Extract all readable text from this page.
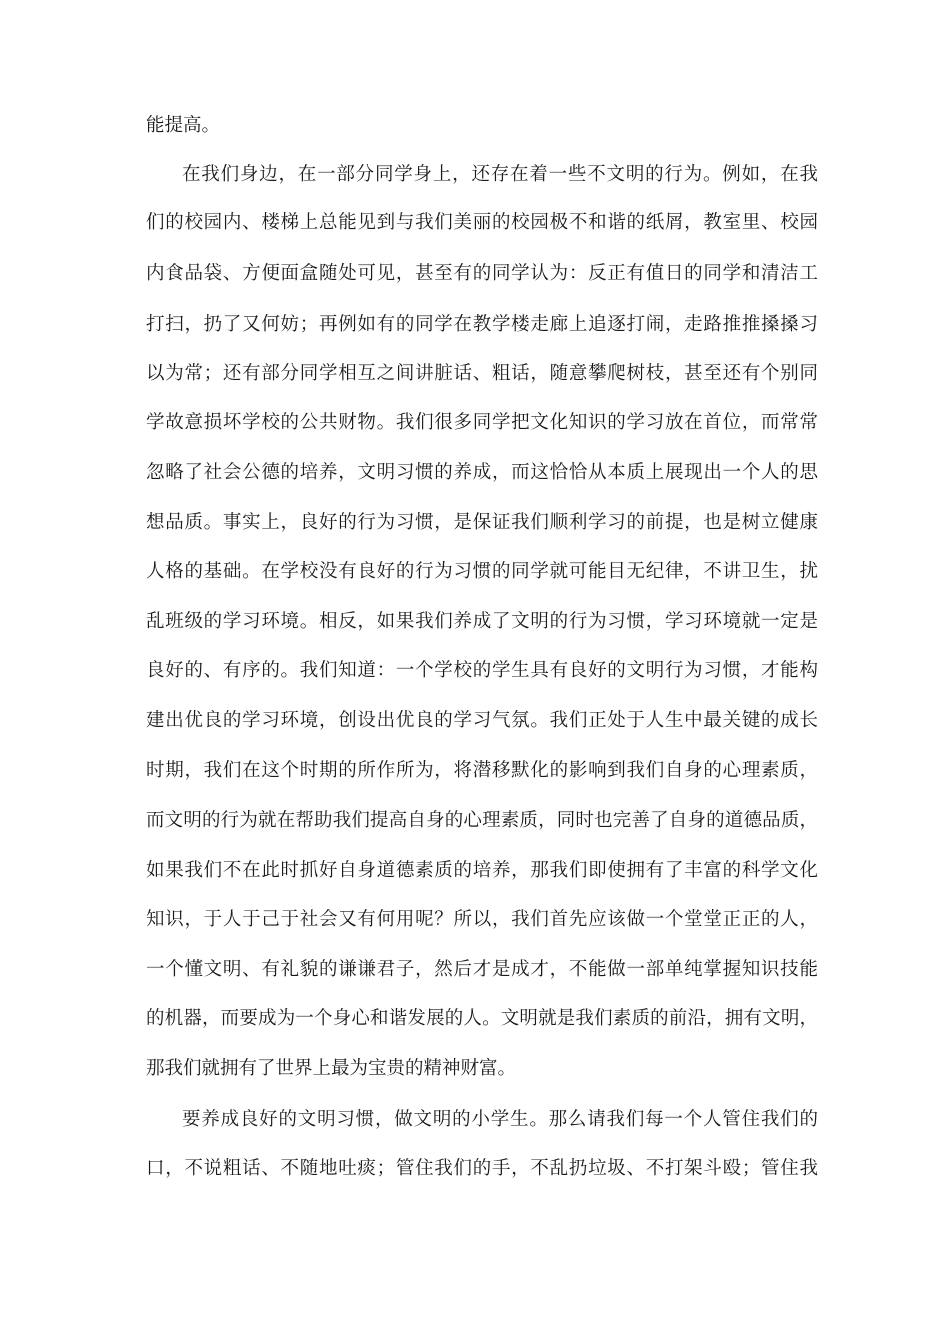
能提高。
在我们身边，在一部分同学身上，还存在着一些不文明的行为。例如，在我
们的校园内、楼梯上总能见到与我们美丽的校园极不和谐的纸屑，教室里、校园
内食品袋、方便面盒随处可见，甚至有的同学认为：反正有值日的同学和清洁工
打扫，扔了又何妨；再例如有的同学在教学楼走廊上追逐打闹，走路推推搡搡习
以为常；还有部分同学相互之间讲脏话、粗话，随意攀爬树枝，甚至还有个别同
学故意损坏学校的公共财物。我们很多同学把文化知识的学习放在首位，而常常
忽略了社会公德的培养，文明习惯的养成，而这恰恰从本质上展现出一个人的思
想品质。事实上，良好的行为习惯，是保证我们顺利学习的前提，也是树立健康
人格的基础。在学校没有良好的行为习惯的同学就可能目无纪律，不讲卫生，扰
乱班级的学习环境。相反，如果我们养成了文明的行为习惯，学习环境就一定是
良好的、有序的。我们知道：一个学校的学生具有良好的文明行为习惯，才能构
建出优良的学习环境，创设出优良的学习气氛。我们正处于人生中最关键的成长
时期，我们在这个时期的所作所为，将潜移默化的影响到我们自身的心理素质，
而文明的行为就在帮助我们提高自身的心理素质，同时也完善了自身的道德品质，
如果我们不在此时抓好自身道德素质的培养，那我们即使拥有了丰富的科学文化
知识，于人于己于社会又有何用呢？所以，我们首先应该做一个堂堂正正的人，
一个懂文明、有礼貌的谦谦君子，然后才是成才，不能做一部单纯掌握知识技能
的机器，而要成为一个身心和谐发展的人。文明就是我们素质的前沿，拥有文明，
那我们就拥有了世界上最为宝贵的精神财富。
要养成良好的文明习惯，做文明的小学生。那么请我们每一个人管住我们的
口，不说粗话、不随地吐痰；管住我们的手，不乱扔垃圾、不打架斗殴；管住我
